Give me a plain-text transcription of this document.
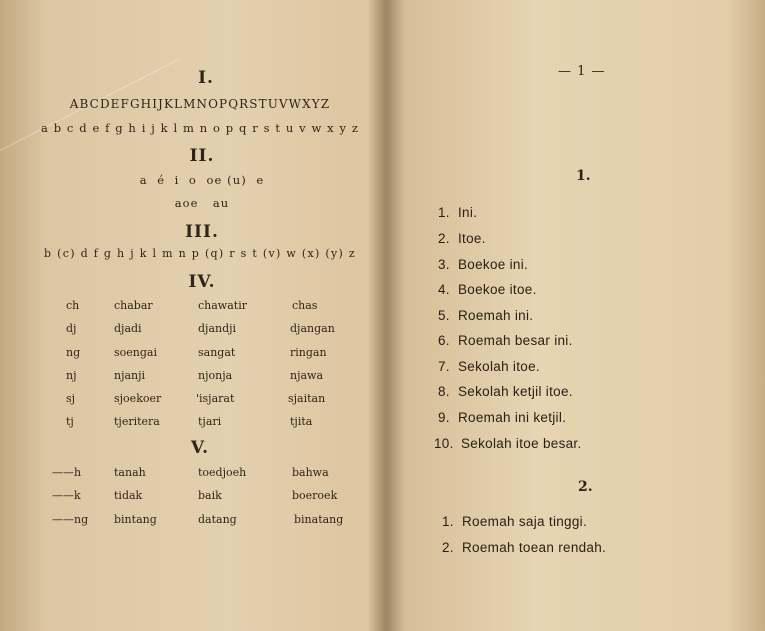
I.
ABCDEFGHIJKLMNOPQRSTUVWXYZ
a b c d e f g h i j k l m n o p q r s t u v w x y z
II.
a  é  i  o  oe (u)  e
aoe   au
III.
b (c) d f g h j k l m n p (q) r s t (v) w (x) (y) z
IV.
ch	chabar	chawatir	chas
dj	djadi	djandji	djangan
ng	soengai	sangat	ringan
nj	njanji	njonja	njawa
sj	sjoekoer	'isjarat	sjaitan
tj	tjeritera	tjari	tjita
V.
——h	tanah	toedjoeh	bahwa
——k	tidak	baik	boeroek
——ng bintang	datang	binatang
— 1 —
1.
1. Ini.
2. Itoe.
3. Boekoe ini.
4. Boekoe itoe.
5. Roemah ini.
6. Roemah besar ini.
7. Sekolah itoe.
8. Sekolah ketjil itoe.
9. Roemah ini ketjil.
10. Sekolah itoe besar.
2.
1. Roemah saja tinggi.
2. Roemah toean rendah.
